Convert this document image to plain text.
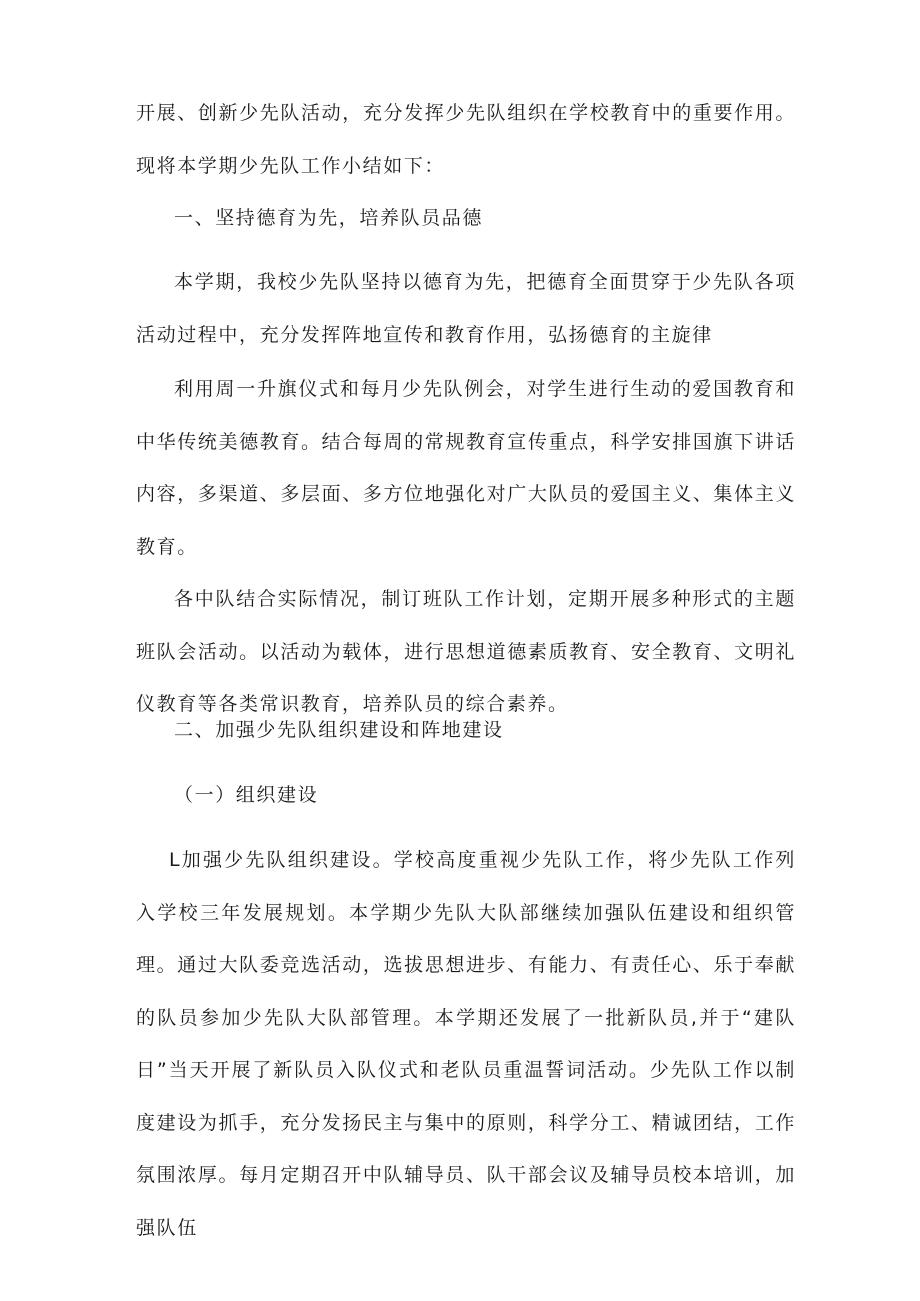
开展、创新少先队活动，充分发挥少先队组织在学校教育中的重要作用。现将本学期少先队工作小结如下：

一、坚持德育为先，培养队员品德

本学期，我校少先队坚持以德育为先，把德育全面贯穿于少先队各项活动过程中，充分发挥阵地宣传和教育作用，弘扬德育的主旋律

利用周一升旗仪式和每月少先队例会，对学生进行生动的爱国教育和中华传统美德教育。结合每周的常规教育宣传重点，科学安排国旗下讲话内容，多渠道、多层面、多方位地强化对广大队员的爱国主义、集体主义教育。

各中队结合实际情况，制订班队工作计划，定期开展多种形式的主题班队会活动。以活动为载体，进行思想道德素质教育、安全教育、文明礼仪教育等各类常识教育，培养队员的综合素养。

二、加强少先队组织建设和阵地建设

（一）组织建设

L加强少先队组织建设。学校高度重视少先队工作，将少先队工作列入学校三年发展规划。本学期少先队大队部继续加强队伍建设和组织管理。通过大队委竞选活动，选拔思想进步、有能力、有责任心、乐于奉献的队员参加少先队大队部管理。本学期还发展了一批新队员,并于“建队日”当天开展了新队员入队仪式和老队员重温誓词活动。少先队工作以制度建设为抓手，充分发扬民主与集中的原则，科学分工、精诚团结，工作氛围浓厚。每月定期召开中队辅导员、队干部会议及辅导员校本培训，加强队伍
